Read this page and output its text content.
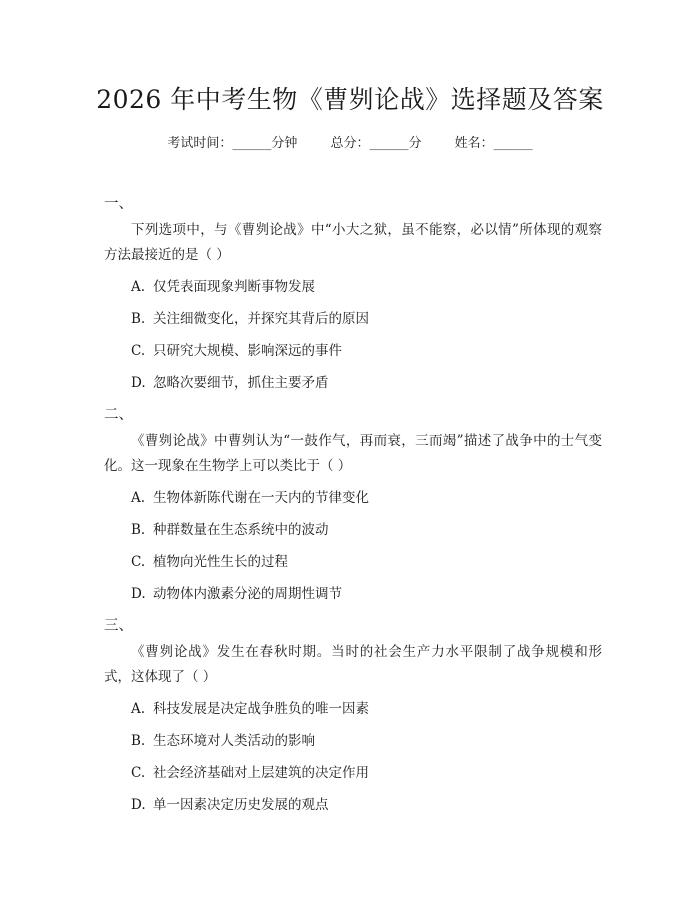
2026 年中考生物《曹刿论战》选择题及答案
考试时间：______分钟	总分：______分	姓名：______
一、

下列选项中，与《曹刿论战》中“小大之狱，虽不能察，必以情”所体现的观察方法最接近的是（ ）

A. 仅凭表面现象判断事物发展
B. 关注细微变化，并探究其背后的原因
C. 只研究大规模、影响深远的事件
D. 忽略次要细节，抓住主要矛盾
二、

《曹刿论战》中曹刿认为“一鼓作气，再而衰，三而竭”描述了战争中的士气变化。这一现象在生物学上可以类比于（ ）

A. 生物体新陈代谢在一天内的节律变化
B. 种群数量在生态系统中的波动
C. 植物向光性生长的过程
D. 动物体内激素分泌的周期性调节
三、

《曹刿论战》发生在春秋时期。当时的社会生产力水平限制了战争规模和形式，这体现了（ ）

A. 科技发展是决定战争胜负的唯一因素
B. 生态环境对人类活动的影响
C. 社会经济基础对上层建筑的决定作用
D. 单一因素决定历史发展的观点
